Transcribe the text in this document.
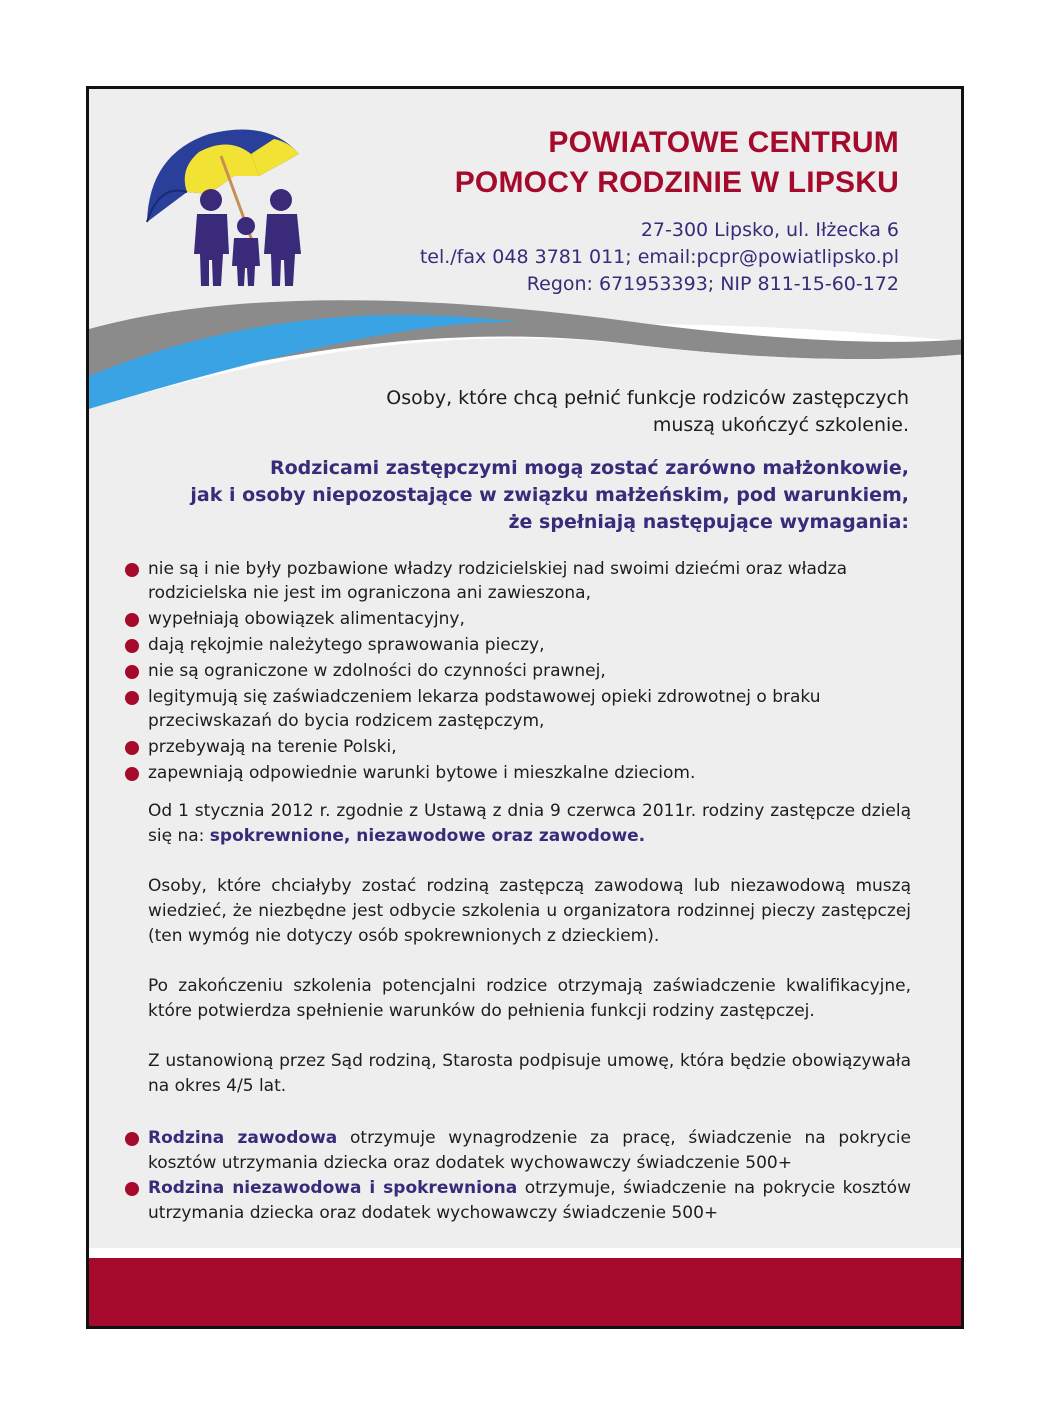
POWIATOWE CENTRUM
POMOCY RODZINIE W LIPSKU
27-300 Lipsko, ul. Iłżecka 6
tel./fax 048 3781 011; email:pcpr@powiatlipsko.pl
Regon: 671953393; NIP 811-15-60-172
Osoby, które chcą pełnić funkcje rodziców zastępczych
muszą ukończyć szkolenie.
Rodzicami zastępczymi mogą zostać zarówno małżonkowie,
jak i osoby niepozostające w związku małżeńskim, pod warunkiem,
że spełniają następujące wymagania:
nie są i nie były pozbawione władzy rodzicielskiej nad swoimi dziećmi oraz władza rodzicielska nie jest im ograniczona ani zawieszona,
wypełniają obowiązek alimentacyjny,
dają rękojmie należytego sprawowania pieczy,
nie są ograniczone w zdolności do czynności prawnej,
legitymują się zaświadczeniem lekarza podstawowej opieki zdrowotnej o braku przeciwskazań do bycia rodzicem zastępczym,
przebywają na terenie Polski,
zapewniają odpowiednie warunki bytowe i mieszkalne dzieciom.

Od 1 stycznia 2012 r. zgodnie z Ustawą z dnia 9 czerwca 2011r. rodziny zastępcze dzielą się na: spokrewnione, niezawodowe oraz zawodowe.

Osoby, które chciałyby zostać rodziną zastępczą zawodową lub niezawodową muszą wiedzieć, że niezbędne jest odbycie szkolenia u organizatora rodzinnej pieczy zastępczej (ten wymóg nie dotyczy osób spokrewnionych z dzieckiem).

Po zakończeniu szkolenia potencjalni rodzice otrzymają zaświadczenie kwalifikacyjne, które potwierdza spełnienie warunków do pełnienia funkcji rodziny zastępczej.

Z ustanowioną przez Sąd rodziną, Starosta podpisuje umowę, która będzie obowiązywała na okres 4/5 lat.

Rodzina zawodowa otrzymuje wynagrodzenie za pracę, świadczenie na pokrycie kosztów utrzymania dziecka oraz dodatek wychowawczy świadczenie 500+
Rodzina niezawodowa i spokrewniona otrzymuje, świadczenie na pokrycie kosztów utrzymania dziecka oraz dodatek wychowawczy świadczenie 500+
